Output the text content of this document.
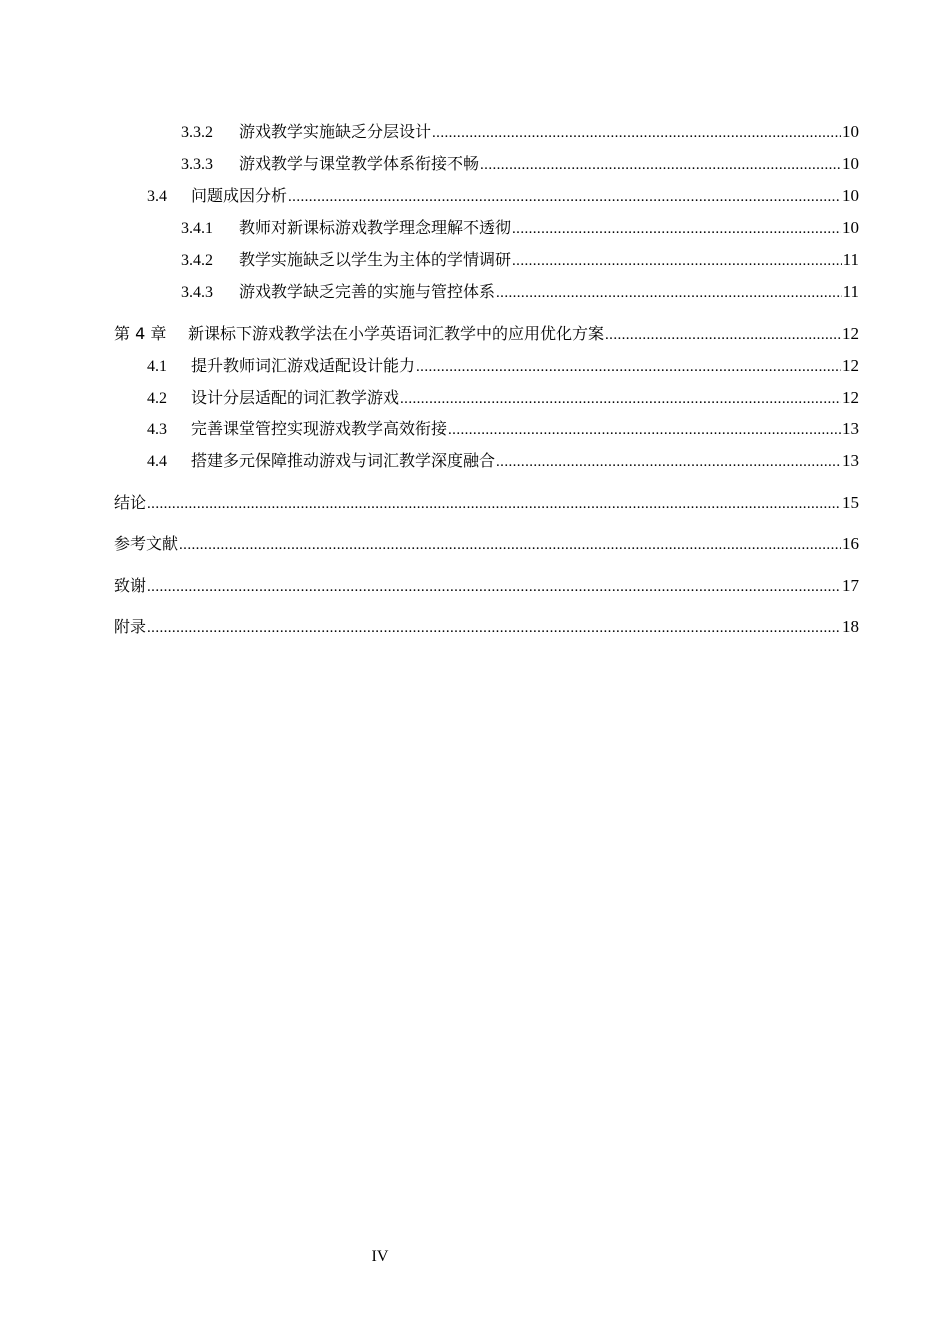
3.3.2	游戏教学实施缺乏分层设计 .....	10
3.3.3	游戏教学与课堂教学体系衔接不畅 .....	10
3.4	问题成因分析 .....	10
3.4.1	教师对新课标游戏教学理念理解不透彻 .....	10
3.4.2	教学实施缺乏以学生为主体的学情调研 .....	11
3.4.3	游戏教学缺乏完善的实施与管控体系 .....	11
第 4 章	新课标下游戏教学法在小学英语词汇教学中的应用优化方案 .....	12
4.1	提升教师词汇游戏适配设计能力 .....	12
4.2	设计分层适配的词汇教学游戏 .....	12
4.3	完善课堂管控实现游戏教学高效衔接 .....	13
4.4	搭建多元保障推动游戏与词汇教学深度融合 .....	13
结论 .....	15
参考文献 .....	16
致谢 .....	17
附录 .....	18
IV
